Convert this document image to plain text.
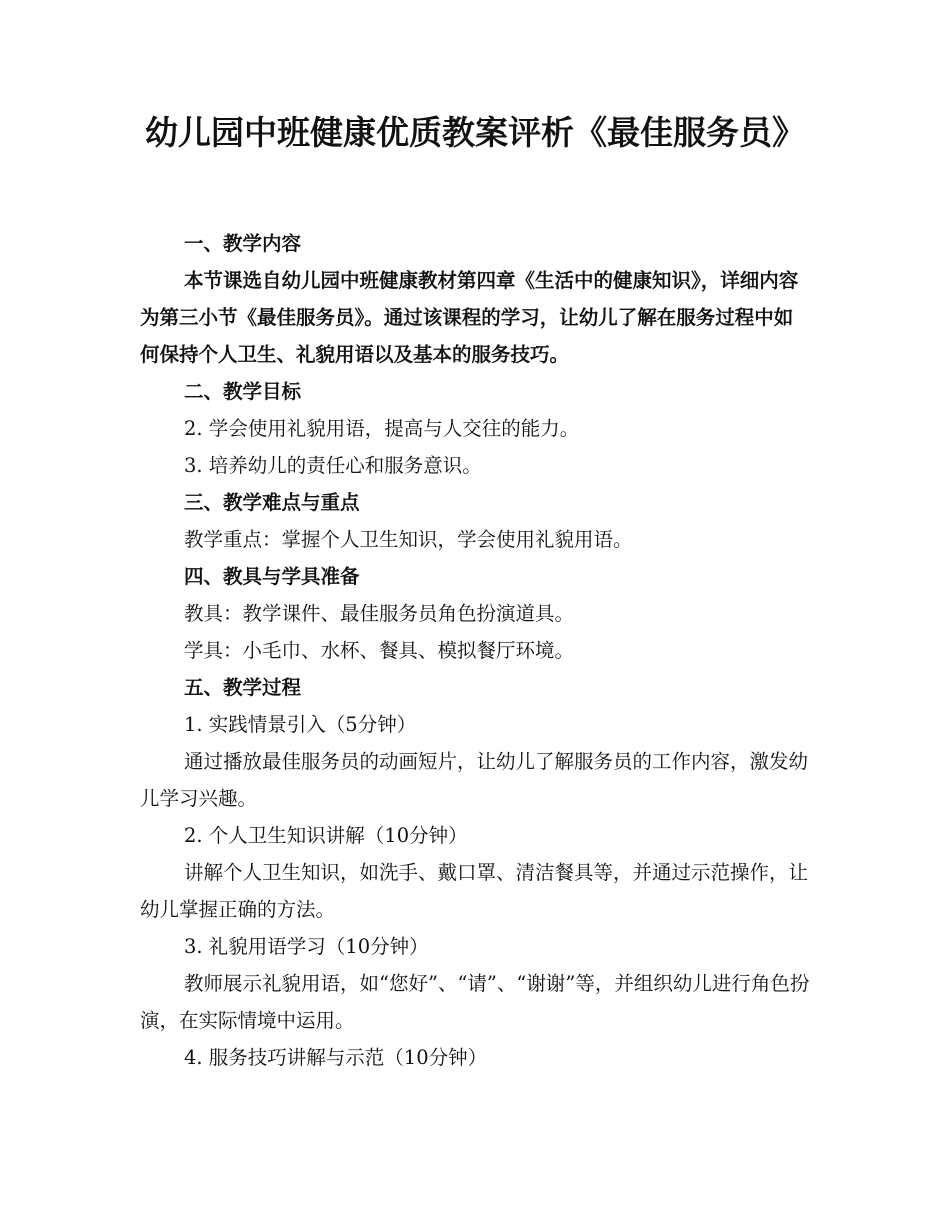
幼儿园中班健康优质教案评析《最佳服务员》
一、教学内容

本节课选自幼儿园中班健康教材第四章《生活中的健康知识》，详细内容为第三小节《最佳服务员》。通过该课程的学习，让幼儿了解在服务过程中如何保持个人卫生、礼貌用语以及基本的服务技巧。

二、教学目标
2. 学会使用礼貌用语，提高与人交往的能力。
3. 培养幼儿的责任心和服务意识。
三、教学难点与重点
教学重点：掌握个人卫生知识，学会使用礼貌用语。
四、教具与学具准备
教具：教学课件、最佳服务员角色扮演道具。
学具：小毛巾、水杯、餐具、模拟餐厅环境。
五、教学过程
1. 实践情景引入（5分钟）

通过播放最佳服务员的动画短片，让幼儿了解服务员的工作内容，激发幼儿学习兴趣。

2. 个人卫生知识讲解（10分钟）

讲解个人卫生知识，如洗手、戴口罩、清洁餐具等，并通过示范操作，让幼儿掌握正确的方法。

3. 礼貌用语学习（10分钟）

教师展示礼貌用语，如“您好”、“请”、“谢谢”等，并组织幼儿进行角色扮演，在实际情境中运用。

4. 服务技巧讲解与示范（10分钟）
